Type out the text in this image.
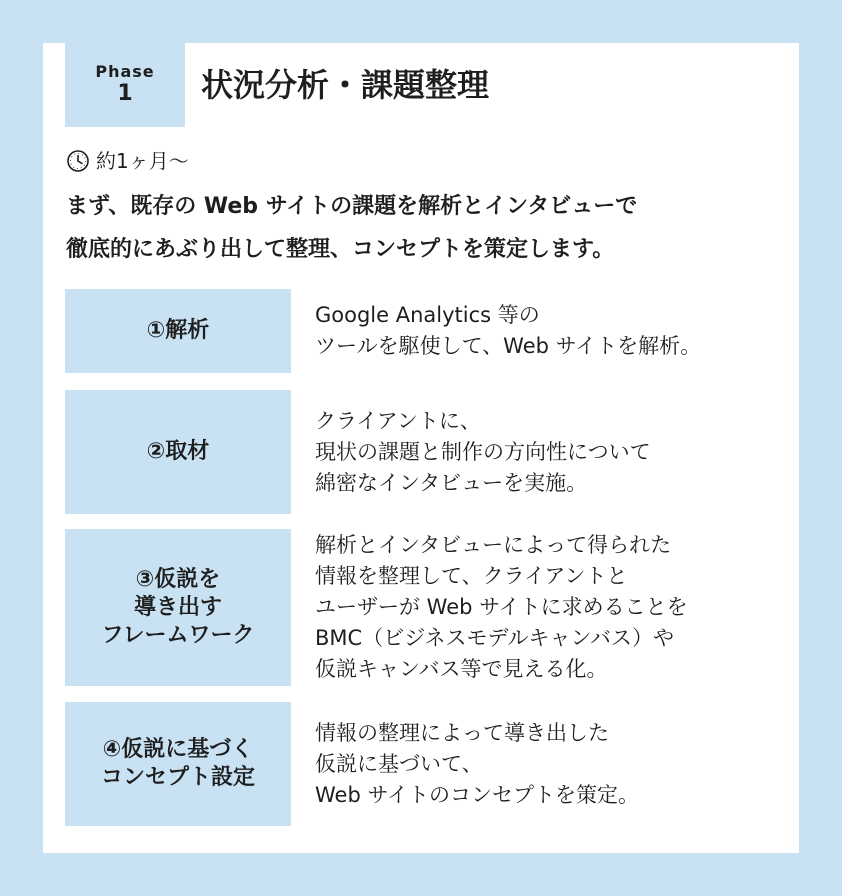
Phase
1 状況分析・課題整理
約1ヶ月〜

まず、既存の Web サイトの課題を解析とインタビューで

徹底的にあぶり出して整理、コンセプトを策定します。

①解析
Google Analytics 等の
ツールを駆使して、Web サイトを解析。
②取材
クライアントに、
現状の課題と制作の方向性について
綿密なインタビューを実施。
③仮説を
導き出す
フレームワーク
解析とインタビューによって得られた
情報を整理して、クライアントと
ユーザーが Web サイトに求めることを
BMC（ビジネスモデルキャンバス）や
仮説キャンバス等で見える化。
④仮説に基づく
コンセプト設定
情報の整理によって導き出した
仮説に基づいて、
Web サイトのコンセプトを策定。
